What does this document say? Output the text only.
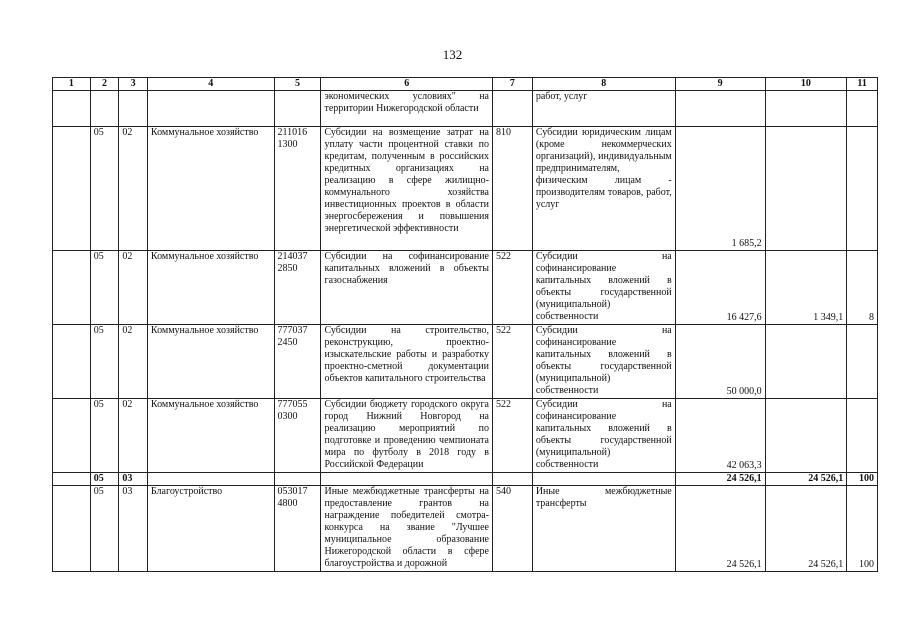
132
1	2	3	4	5	6	7	8	9	10	11
					экономических условиях" на территории Нижегородской области		работ, услуг			
	05	02	Коммунальное хозяйство	211016 1300	Субсидии на возмещение затрат на уплату части процентной ставки по кредитам, полученным в российских кредитных организациях на реализацию в сфере жилищно-коммунального хозяйства инвестиционных проектов в области энергосбережения и повышения энергетической эффективности	810	Субсидии юридическим лицам (кроме некоммерческих организаций), индивидуальным предпринимателям, физическим лицам - производителям товаров, работ, услуг	1 685,2		
	05	02	Коммунальное хозяйство	214037 2850	Субсидии на софинансирование капитальных вложений в объекты газоснабжения	522	Субсидии на софинансирование капитальных вложений в объекты государственной (муниципальной) собственности	16 427,6	1 349,1	8
	05	02	Коммунальное хозяйство	777037 2450	Субсидии на строительство, реконструкцию, проектно-изыскательские работы и разработку проектно-сметной документации объектов капитального строительства	522	Субсидии на софинансирование капитальных вложений в объекты государственной (муниципальной) собственности	50 000,0		
	05	02	Коммунальное хозяйство	777055 0300	Субсидии бюджету городского округа город Нижний Новгород на реализацию мероприятий по подготовке и проведению чемпионата мира по футболу в 2018 году в Российской Федерации	522	Субсидии на софинансирование капитальных вложений в объекты государственной (муниципальной) собственности	42 063,3		
	05	03						24 526,1	24 526,1	100
	05	03	Благоустройство	053017 4800	Иные межбюджетные трансферты на предоставление грантов на награждение победителей смотра-конкурса на звание "Лучшее муниципальное образование Нижегородской области в сфере благоустройства и дорожной	540	Иные межбюджетные трансферты	24 526,1	24 526,1	100
